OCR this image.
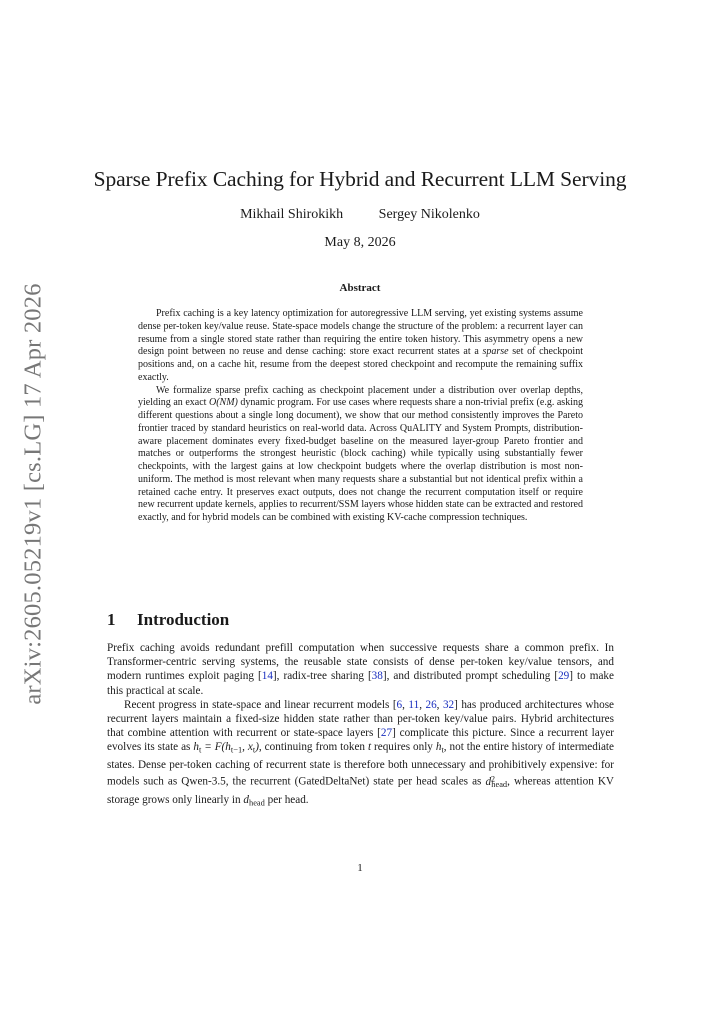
arXiv:2605.05219v1 [cs.LG] 17 Apr 2026
Sparse Prefix Caching for Hybrid and Recurrent LLM Serving
Mikhail Shirokikh	Sergey Nikolenko
May 8, 2026
Abstract

Prefix caching is a key latency optimization for autoregressive LLM serving, yet existing systems assume dense per-token key/value reuse. State-space models change the structure of the problem: a recurrent layer can resume from a single stored state rather than requiring the entire token history. This asymmetry opens a new design point between no reuse and dense caching: store exact recurrent states at a sparse set of checkpoint positions and, on a cache hit, resume from the deepest stored checkpoint and recompute the remaining suffix exactly.

We formalize sparse prefix caching as checkpoint placement under a distribution over overlap depths, yielding an exact O(NM) dynamic program. For use cases where requests share a non-trivial prefix (e.g. asking different questions about a single long document), we show that our method consistently improves the Pareto frontier traced by standard heuristics on real-world data. Across QuALITY and System Prompts, distribution-aware placement dominates every fixed-budget baseline on the measured layer-group Pareto frontier and matches or outperforms the strongest heuristic (block caching) while typically using substantially fewer checkpoints, with the largest gains at low checkpoint budgets where the overlap distribution is most non-uniform. The method is most relevant when many requests share a substantial but not identical prefix within a retained cache entry. It preserves exact outputs, does not change the recurrent computation itself or require new recurrent update kernels, applies to recurrent/SSM layers whose hidden state can be extracted and restored exactly, and for hybrid models can be combined with existing KV-cache compression techniques.

1 Introduction

Prefix caching avoids redundant prefill computation when successive requests share a common prefix. In Transformer-centric serving systems, the reusable state consists of dense per-token key/value tensors, and modern runtimes exploit paging [14], radix-tree sharing [38], and distributed prompt scheduling [29] to make this practical at scale.

Recent progress in state-space and linear recurrent models [6, 11, 26, 32] has produced architectures whose recurrent layers maintain a fixed-size hidden state rather than per-token key/value pairs. Hybrid architectures that combine attention with recurrent or state-space layers [27] complicate this picture. Since a recurrent layer evolves its state as $h_t = F(h_{t-1}$, $x_t$), continuing from token t requires only $h_t$, not the entire history of intermediate states. Dense per-token caching of recurrent state is therefore both unnecessary and prohibitively expensive: for models such as Qwen-3.5, the recurrent (GatedDeltaNet) state per head scales as $d^2_{head}$, whereas attention KV storage grows only linearly in $d_{head}$ per head.

1
